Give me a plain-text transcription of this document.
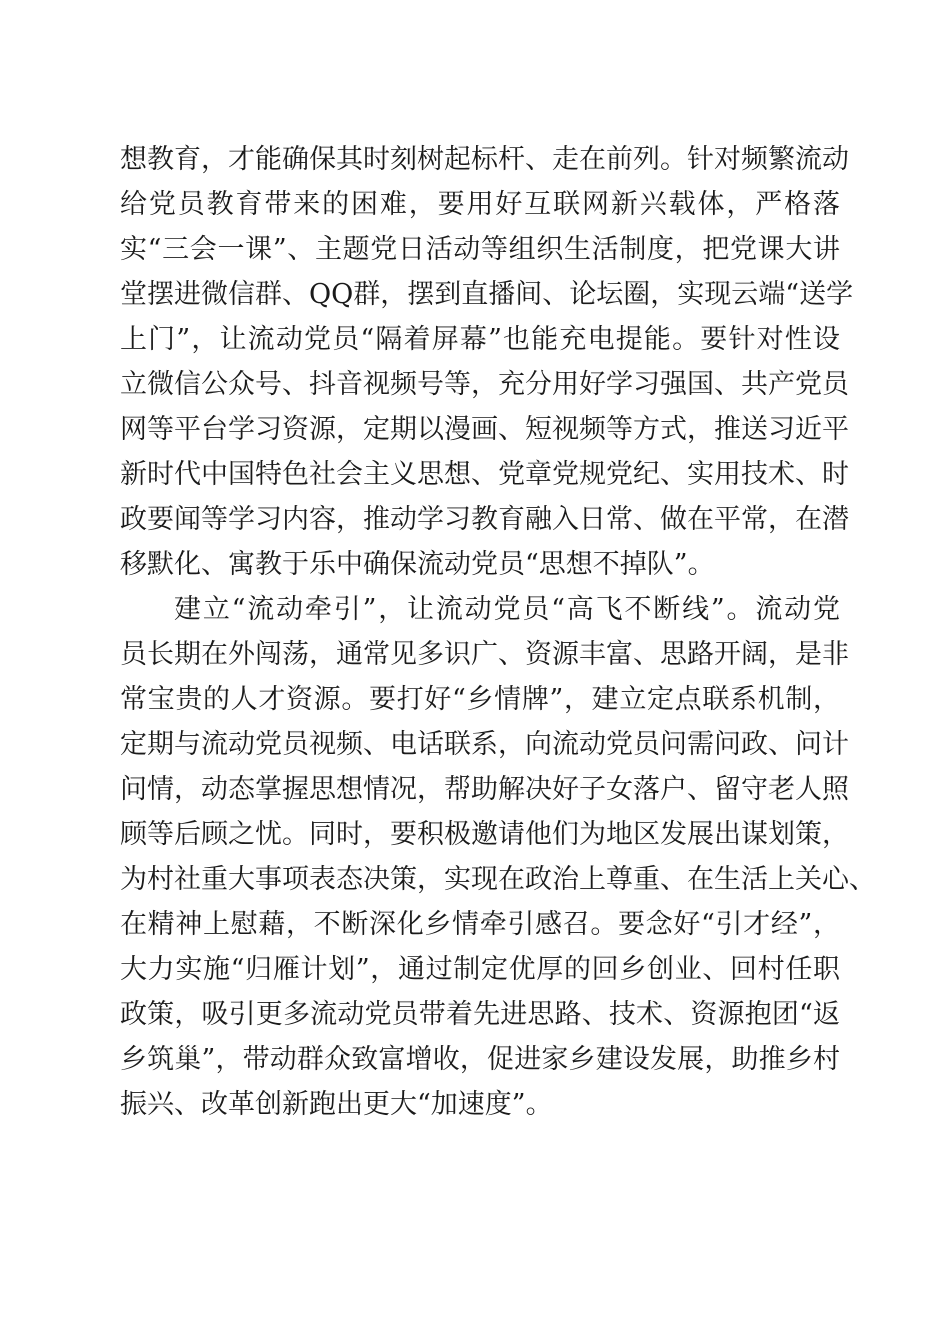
想教育，才能确保其时刻树起标杆、走在前列。针对频繁流动
给党员教育带来的困难，要用好互联网新兴载体，严格落
实“三会一课”、主题党日活动等组织生活制度，把党课大讲
堂摆进微信群、QQ群，摆到直播间、论坛圈，实现云端“送学
上门”，让流动党员“隔着屏幕”也能充电提能。要针对性设
立微信公众号、抖音视频号等，充分用好学习强国、共产党员
网等平台学习资源，定期以漫画、短视频等方式，推送习近平
新时代中国特色社会主义思想、党章党规党纪、实用技术、时
政要闻等学习内容，推动学习教育融入日常、做在平常，在潜
移默化、寓教于乐中确保流动党员“思想不掉队”。
建立“流动牵引”，让流动党员“高飞不断线”。流动党
员长期在外闯荡，通常见多识广、资源丰富、思路开阔，是非
常宝贵的人才资源。要打好“乡情牌”，建立定点联系机制，
定期与流动党员视频、电话联系，向流动党员问需问政、问计
问情，动态掌握思想情况，帮助解决好子女落户、留守老人照
顾等后顾之忧。同时，要积极邀请他们为地区发展出谋划策，
为村社重大事项表态决策，实现在政治上尊重、在生活上关心、
在精神上慰藉，不断深化乡情牵引感召。要念好“引才经”，
大力实施“归雁计划”，通过制定优厚的回乡创业、回村任职
政策，吸引更多流动党员带着先进思路、技术、资源抱团“返
乡筑巢”，带动群众致富增收，促进家乡建设发展，助推乡村
振兴、改革创新跑出更大“加速度”。
